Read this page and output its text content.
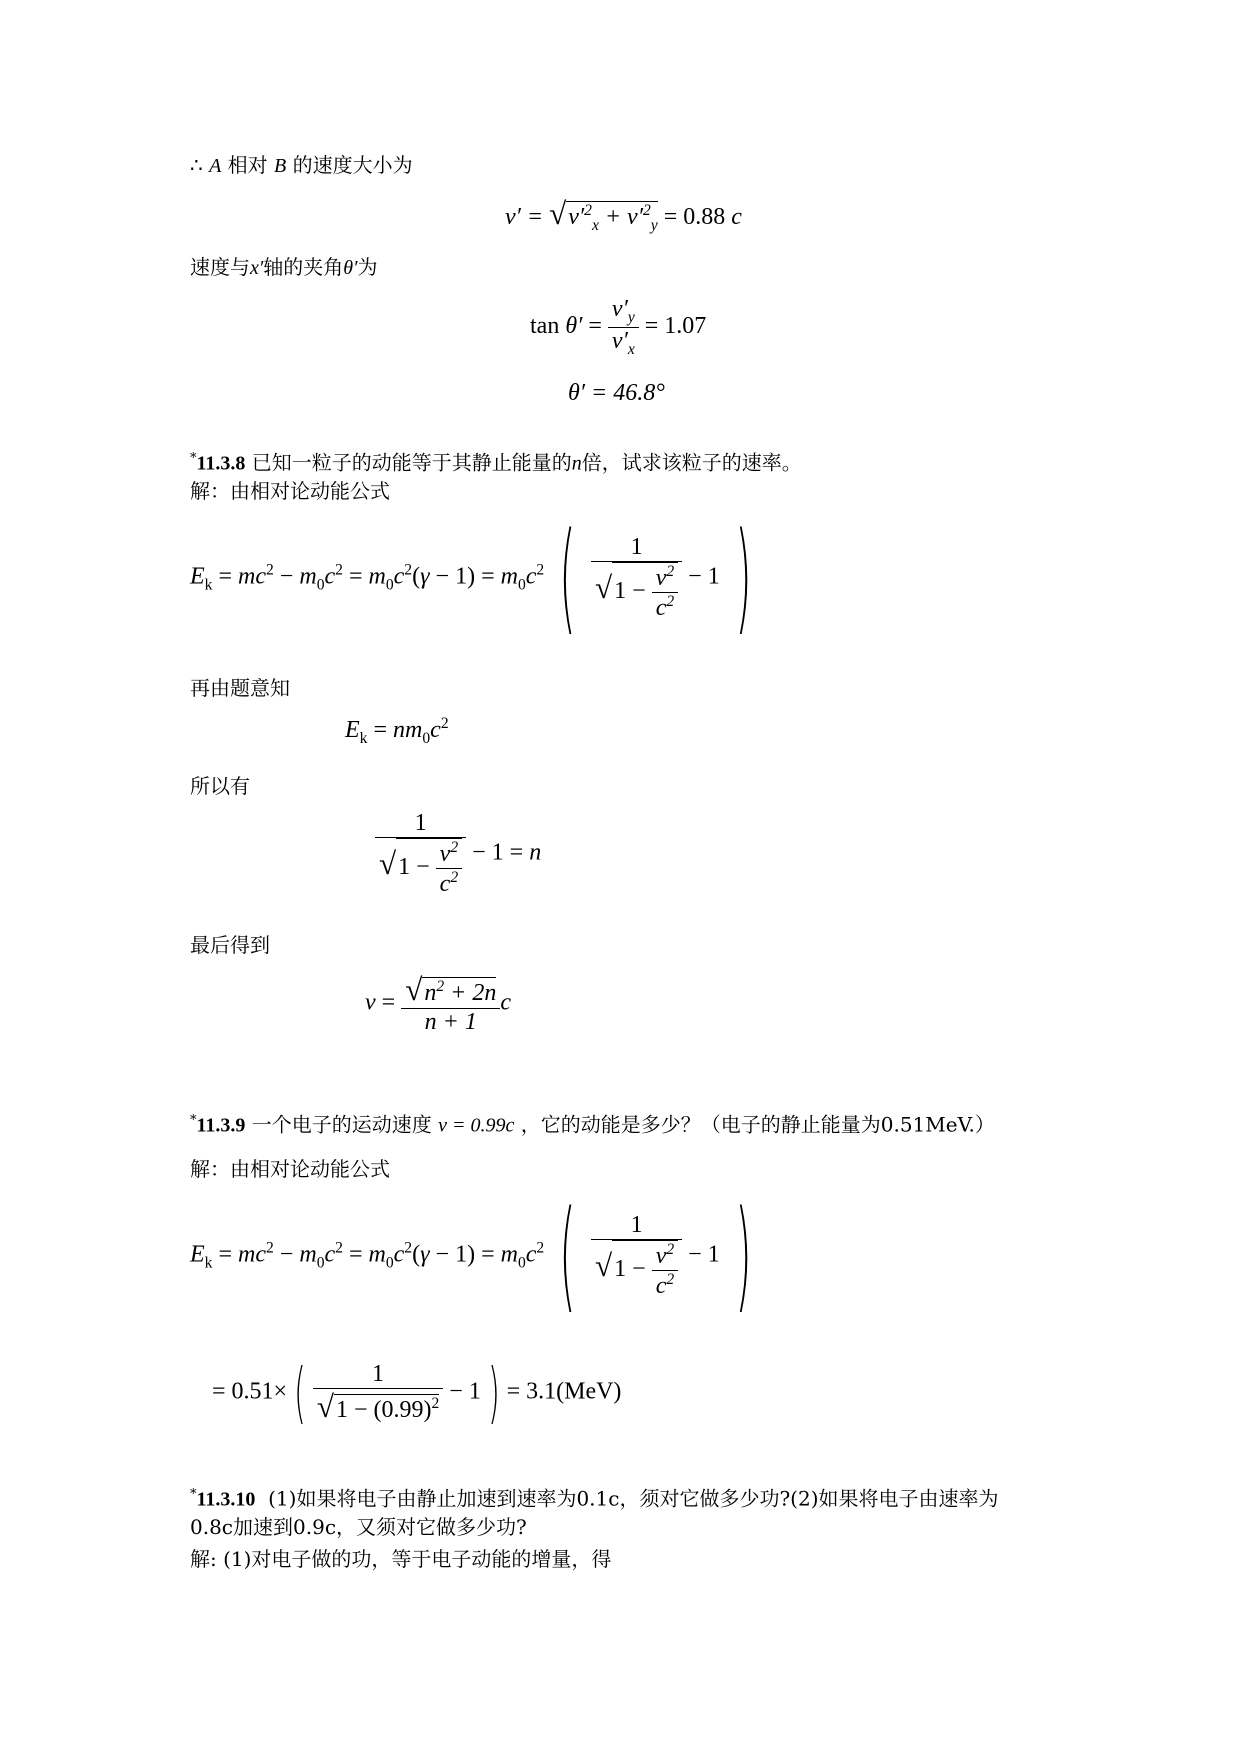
∴ A 相对 B 的速度大小为
$v' = √v'^2_x + v'^2_y = 0.88$ c
速度与x′轴的夹角θ′为
$\tan \theta' = \frac{v'_y}{v'_x} = 1.07$
θ′ = 46.8°
*11.3.8 已知一粒子的动能等于其静止能量的n倍，试求该粒子的速率。
解：由相对论动能公式
$E_k = mc^2 - m_0c^2 = m_0c^2(\gamma - 1) = m_0c^2$ ( $\frac{1}{√1 - \frac{v^2}{c^2}} - 1$ )
再由题意知
$E_k = nm_0c^2$
所以有
$\frac{1}{√1 - \frac{v^2}{c^2}} - 1 = n$
最后得到
$v = \frac{√n^2 + 2n}{n + 1}$ c
*11.3.9 一个电子的运动速度 v = 0.99c ，它的动能是多少？（电子的静止能量为0.51MeV.）
解：由相对论动能公式
$E_k = mc^2 - m_0c^2 = m_0c^2(\gamma - 1) = m_0c^2$ ( $\frac{1}{√1 - \frac{v^2}{c^2}} - 1$ )
= 0.51× ( $\frac{1}{√1 - (0.99)^2} - 1$ ) = 3.1(MeV)
*11.3.10 (1)如果将电子由静止加速到速率为0.1c，须对它做多少功?(2)如果将电子由速率为
0.8c加速到0.9c，又须对它做多少功?
解: (1)对电子做的功，等于电子动能的增量，得
